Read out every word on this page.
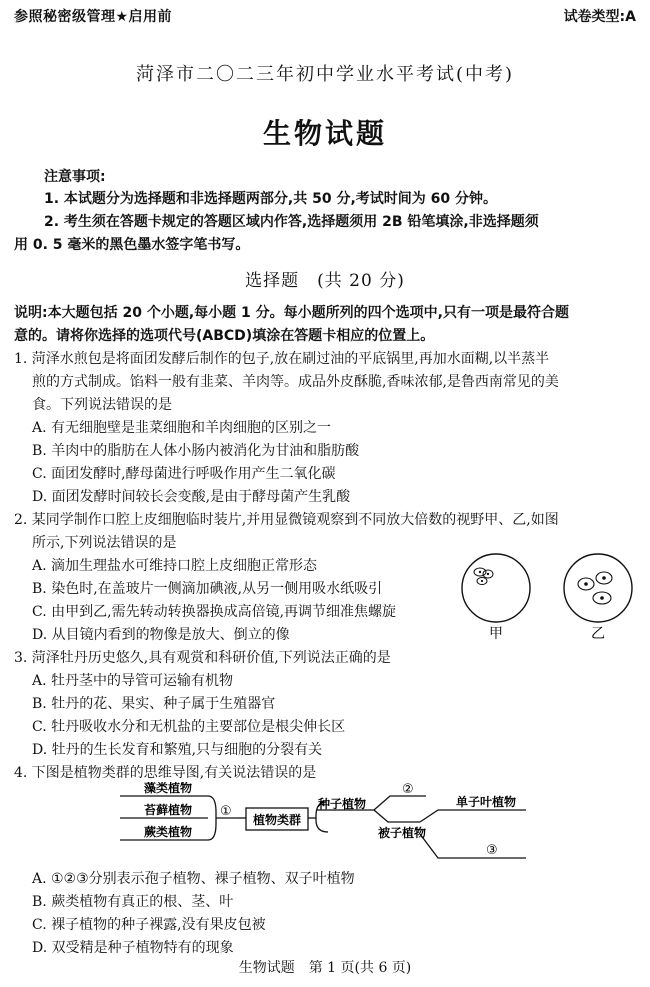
参照秘密级管理★启用前	试卷类型:A
菏泽市二〇二三年初中学业水平考试(中考)
生物试题
注意事项:
1. 本试题分为选择题和非选择题两部分,共 50 分,考试时间为 60 分钟。
2. 考生须在答题卡规定的答题区域内作答,选择题须用 2B 铅笔填涂,非选择题须
用 0. 5 毫米的黑色墨水签字笔书写。
选择题　(共 20 分)
说明:本大题包括 20 个小题,每小题 1 分。每小题所列的四个选项中,只有一项是最符合题
意的。请将你选择的选项代号(ABCD)填涂在答题卡相应的位置上。
1. 菏泽水煎包是将面团发酵后制作的包子,放在刷过油的平底锅里,再加水面糊,以半蒸半
煎的方式制成。馅料一般有韭菜、羊肉等。成品外皮酥脆,香味浓郁,是鲁西南常见的美
食。下列说法错误的是
A. 有无细胞壁是韭菜细胞和羊肉细胞的区别之一
B. 羊肉中的脂肪在人体小肠内被消化为甘油和脂肪酸
C. 面团发酵时,酵母菌进行呼吸作用产生二氧化碳
D. 面团发酵时间较长会变酸,是由于酵母菌产生乳酸
2. 某同学制作口腔上皮细胞临时装片,并用显微镜观察到不同放大倍数的视野甲、乙,如图
所示,下列说法错误的是
A. 滴加生理盐水可维持口腔上皮细胞正常形态
B. 染色时,在盖玻片一侧滴加碘液,从另一侧用吸水纸吸引
C. 由甲到乙,需先转动转换器换成高倍镜,再调节细准焦螺旋
D. 从目镜内看到的物像是放大、倒立的像	甲	乙
3. 菏泽牡丹历史悠久,具有观赏和科研价值,下列说法正确的是
A. 牡丹茎中的导管可运输有机物
B. 牡丹的花、果实、种子属于生殖器官
C. 牡丹吸收水分和无机盐的主要部位是根尖伸长区
D. 牡丹的生长发育和繁殖,只与细胞的分裂有关
4. 下图是植物类群的思维导图,有关说法错误的是
藻类植物
苔藓植物
蕨类植物
①
植物类群
种子植物
②
被子植物
单子叶植物
③
A. ①②③分别表示孢子植物、裸子植物、双子叶植物
B. 蕨类植物有真正的根、茎、叶
C. 裸子植物的种子裸露,没有果皮包被
D. 双受精是种子植物特有的现象
生物试题　第 1 页(共 6 页)
